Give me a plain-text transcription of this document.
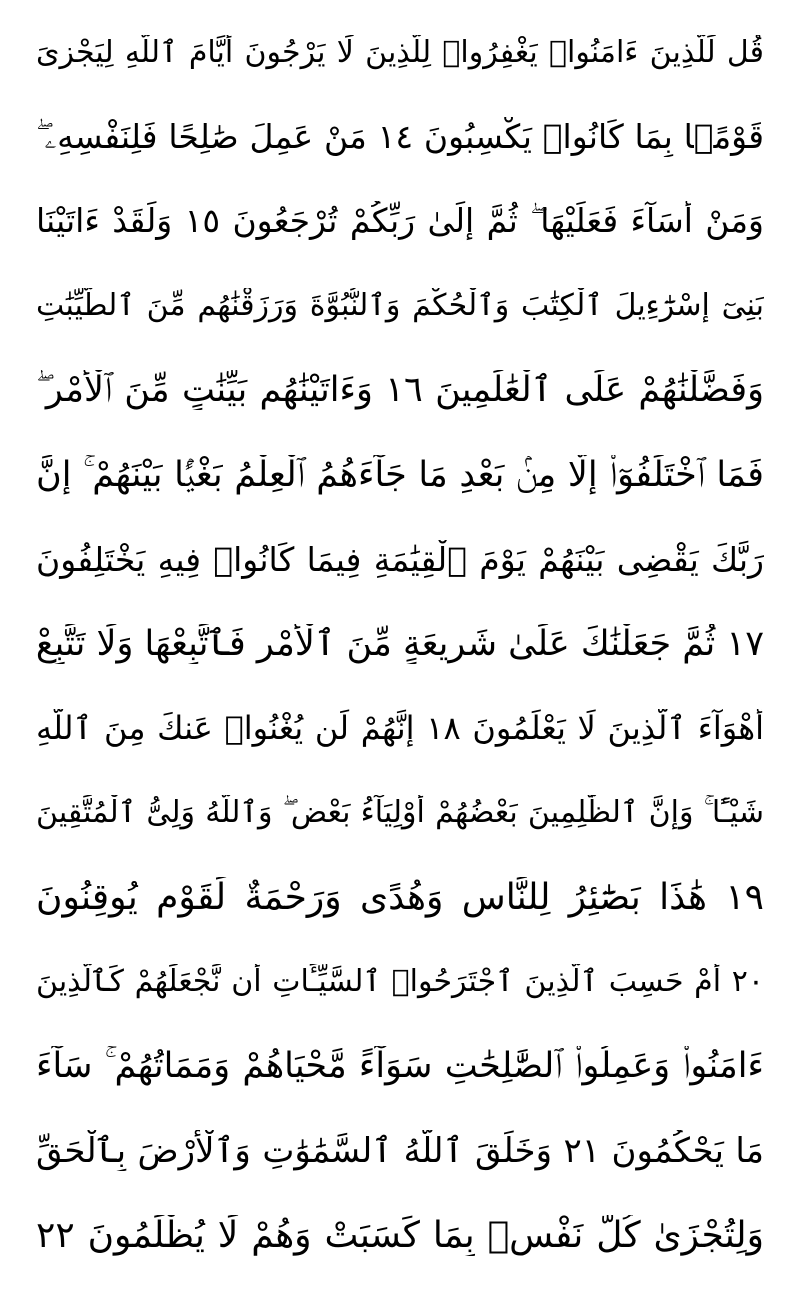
قُل لِّلَّذِينَ ءَامَنُوا۟ يَغْفِرُوا۟ لِلَّذِينَ لَا يَرْجُونَ أَيَّامَ ٱللَّهِ لِيَجْزِىَ
قَوْمًۢا بِمَا كَانُوا۟ يَكْسِبُونَ ١٤ مَنْ عَمِلَ صَٰلِحًا فَلِنَفْسِهِۦ ۖ
وَمَنْ أَسَآءَ فَعَلَيْهَا ۖ ثُمَّ إِلَىٰ رَبِّكُمْ تُرْجَعُونَ ١٥ وَلَقَدْ ءَاتَيْنَا
بَنِىٓ إِسْرَٰٓءِيلَ ٱلْكِتَٰبَ وَٱلْحُكْمَ وَٱلنُّبُوَّةَ وَرَزَقْنَٰهُم مِّنَ ٱلطَّيِّبَٰتِ
وَفَضَّلْنَٰهُمْ عَلَى ٱلْعَٰلَمِينَ ١٦ وَءَاتَيْنَٰهُم بَيِّنَٰتٍ مِّنَ ٱلْأَمْرِ ۖ
فَمَا ٱخْتَلَفُوٓا۟ إِلَّا مِنۢ بَعْدِ مَا جَآءَهُمُ ٱلْعِلْمُ بَغْيًۢا بَيْنَهُمْ ۚ إِنَّ
رَبَّكَ يَقْضِى بَيْنَهُمْ يَوْمَ ٱلْقِيَٰمَةِ فِيمَا كَانُوا۟ فِيهِ يَخْتَلِفُونَ
١٧ ثُمَّ جَعَلْنَٰكَ عَلَىٰ شَرِيعَةٍ مِّنَ ٱلْأَمْرِ فَٱتَّبِعْهَا وَلَا تَتَّبِعْ
أَهْوَآءَ ٱلَّذِينَ لَا يَعْلَمُونَ ١٨ إِنَّهُمْ لَن يُغْنُوا۟ عَنكَ مِنَ ٱللَّهِ
شَيْـًٔا ۚ وَإِنَّ ٱلظَّٰلِمِينَ بَعْضُهُمْ أَوْلِيَآءُ بَعْضٍ ۖ وَٱللَّهُ وَلِىُّ ٱلْمُتَّقِينَ
١٩ هَٰذَا بَصَٰٓئِرُ لِلنَّاسِ وَهُدًى وَرَحْمَةٌ لِّقَوْمٍ يُوقِنُونَ
٢٠ أَمْ حَسِبَ ٱلَّذِينَ ٱجْتَرَحُوا۟ ٱلسَّيِّـَٔاتِ أَن نَّجْعَلَهُمْ كَٱلَّذِينَ
ءَامَنُوا۟ وَعَمِلُوا۟ ٱلصَّٰلِحَٰتِ سَوَآءً مَّحْيَاهُمْ وَمَمَاتُهُمْ ۚ سَآءَ
مَا يَحْكُمُونَ ٢١ وَخَلَقَ ٱللَّهُ ٱلسَّمَٰوَٰتِ وَٱلْأَرْضَ بِٱلْحَقِّ
وَلِتُجْزَىٰ كُلُّ نَفْسٍۭ بِمَا كَسَبَتْ وَهُمْ لَا يُظْلَمُونَ ٢٢
